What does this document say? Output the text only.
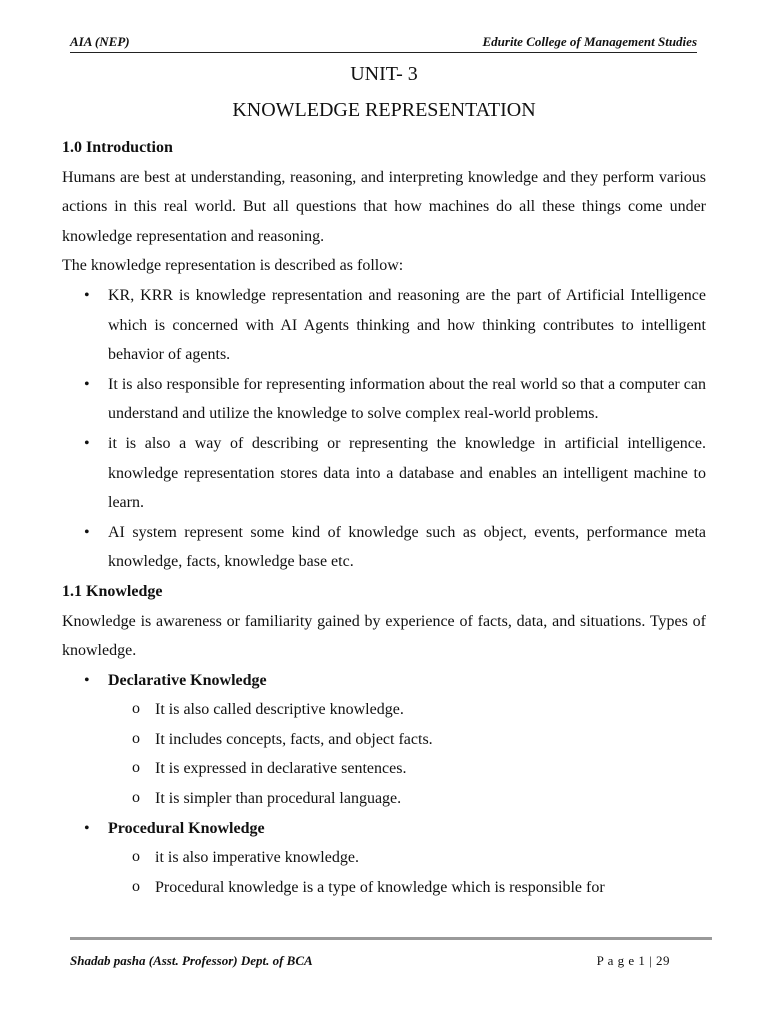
AIA (NEP)	Edurite College of Management Studies
UNIT- 3
KNOWLEDGE REPRESENTATION

1.0 Introduction

Humans are best at understanding, reasoning, and interpreting knowledge and they perform various actions in this real world. But all questions that how machines do all these things come under knowledge representation and reasoning.

The knowledge representation is described as follow:

• KR, KRR is knowledge representation and reasoning are the part of Artificial Intelligence which is concerned with AI Agents thinking and how thinking contributes to intelligent behavior of agents.
• It is also responsible for representing information about the real world so that a computer can understand and utilize the knowledge to solve complex real-world problems.
• it is also a way of describing or representing the knowledge in artificial intelligence. knowledge representation stores data into a database and enables an intelligent machine to learn.
• AI system represent some kind of knowledge such as object, events, performance meta knowledge, facts, knowledge base etc.

1.1 Knowledge

Knowledge is awareness or familiarity gained by experience of facts, data, and situations. Types of knowledge.

• Declarative Knowledge
o It is also called descriptive knowledge.
o It includes concepts, facts, and object facts.
o It is expressed in declarative sentences.
o It is simpler than procedural language.
• Procedural Knowledge
o it is also imperative knowledge.
o Procedural knowledge is a type of knowledge which is responsible for
Shadab pasha (Asst. Professor) Dept. of BCA	P a g e 1 | 29
